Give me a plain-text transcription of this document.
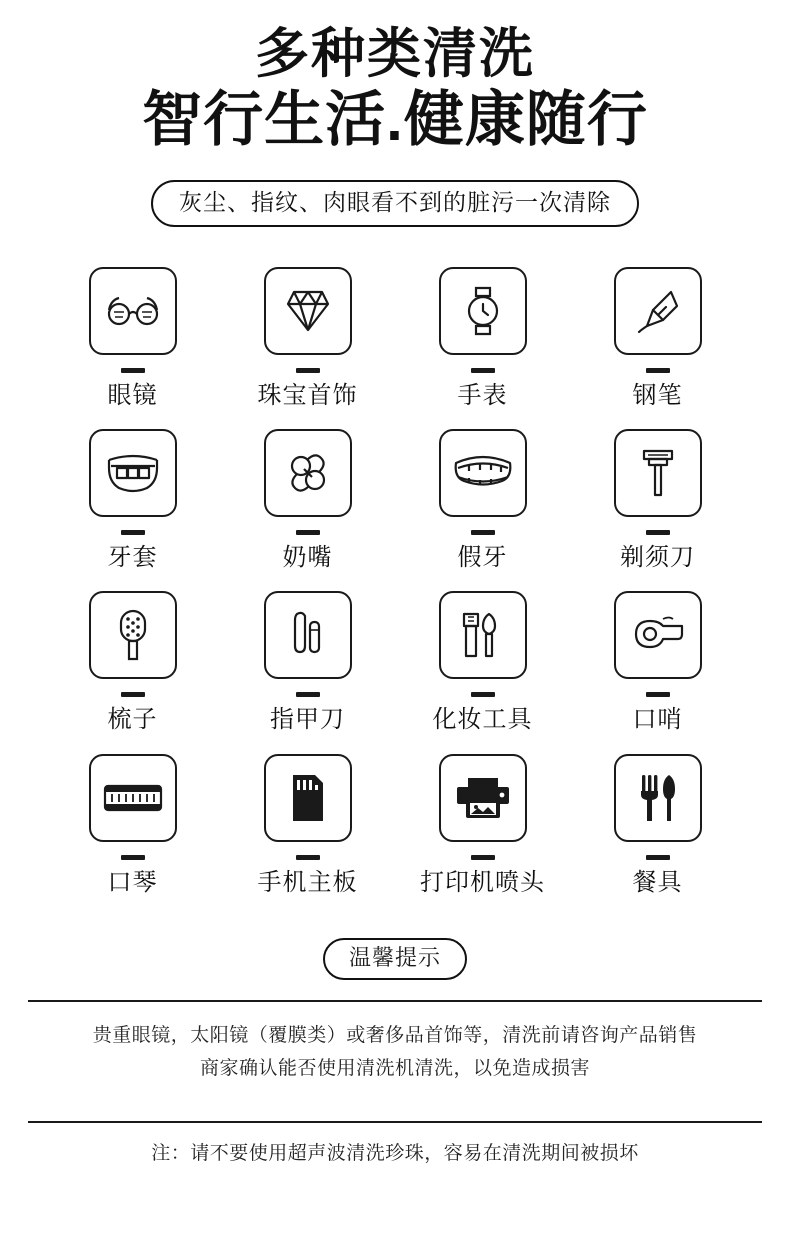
多种类清洗
智行生活.健康随行
灰尘、指纹、肉眼看不到的脏污一次清除
眼镜	珠宝首饰	手表	钢笔
牙套	奶嘴	假牙	剃须刀
梳子	指甲刀	化妆工具	口哨
口琴	手机主板	打印机喷头	餐具
温馨提示
贵重眼镜，太阳镜（覆膜类）或奢侈品首饰等，清洗前请咨询产品销售
商家确认能否使用清洗机清洗，以免造成损害
注：请不要使用超声波清洗珍珠，容易在清洗期间被损坏
